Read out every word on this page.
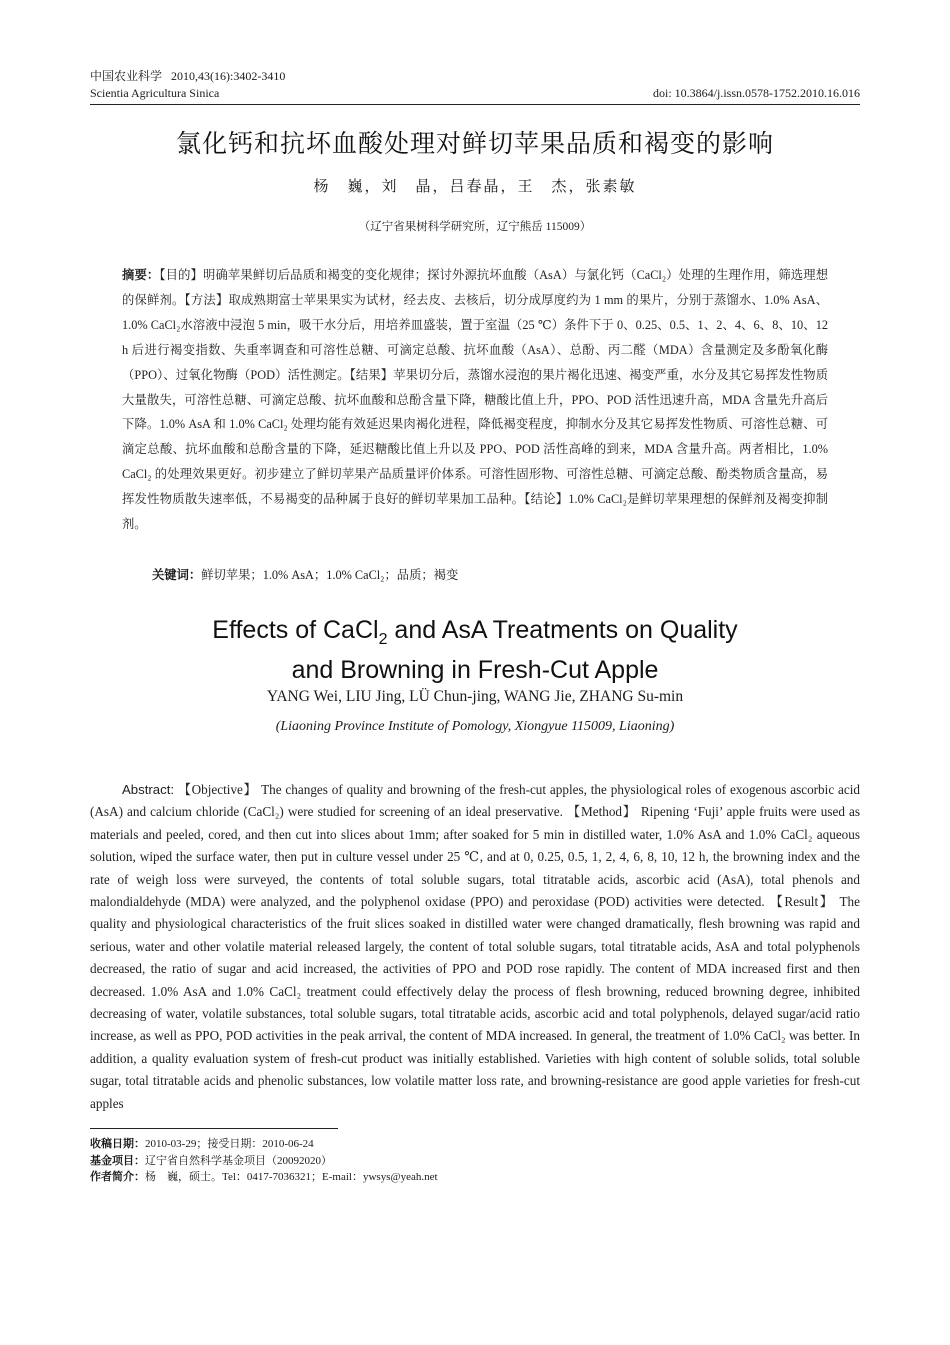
中国农业科学 2010,43(16):3402-3410
Scientia Agricultura Sinica	doi: 10.3864/j.issn.0578-1752.2010.16.016
氯化钙和抗坏血酸处理对鲜切苹果品质和褐变的影响
杨　巍，刘　晶，吕春晶，王　杰，张素敏
（辽宁省果树科学研究所，辽宁熊岳 115009）
摘要：【目的】明确苹果鲜切后品质和褐变的变化规律；探讨外源抗坏血酸（AsA）与氯化钙（CaCl₂）处理的生理作用，筛选理想的保鲜剂。【方法】取成熟期富士苹果果实为试材，经去皮、去核后，切分成厚度约为 1 mm 的果片，分别于蒸馏水、1.0% AsA、1.0% CaCl₂水溶液中浸泡 5 min，吸干水分后，用培养皿盛装，置于室温（25 ℃）条件下于 0、0.25、0.5、1、2、4、6、8、10、12 h 后进行褐变指数、失重率调查和可溶性总糖、可滴定总酸、抗坏血酸（AsA）、总酚、丙二醛（MDA）含量测定及多酚氧化酶（PPO）、过氧化物酶（POD）活性测定。【结果】苹果切分后，蒸馏水浸泡的果片褐化迅速、褐变严重，水分及其它易挥发性物质大量散失，可溶性总糖、可滴定总酸、抗坏血酸和总酚含量下降，糖酸比值上升，PPO、POD 活性迅速升高，MDA 含量先升高后下降。1.0% AsA 和 1.0% CaCl₂ 处理均能有效延迟果肉褐化进程，降低褐变程度，抑制水分及其它易挥发性物质、可溶性总糖、可滴定总酸、抗坏血酸和总酚含量的下降，延迟糖酸比值上升以及 PPO、POD 活性高峰的到来，MDA 含量升高。两者相比，1.0% CaCl₂ 的处理效果更好。初步建立了鲜切苹果产品质量评价体系。可溶性固形物、可溶性总糖、可滴定总酸、酚类物质含量高，易挥发性物质散失速率低，不易褐变的品种属于良好的鲜切苹果加工品种。【结论】1.0% CaCl₂是鲜切苹果理想的保鲜剂及褐变抑制剂。
关键词：鲜切苹果；1.0% AsA；1.0% CaCl₂；品质；褐变
Effects of CaCl$_2$ and AsA Treatments on Quality
and Browning in Fresh-Cut Apple
YANG Wei, LIU Jing, LÜ Chun-jing, WANG Jie, ZHANG Su-min
(Liaoning Province Institute of Pomology, Xiongyue 115009, Liaoning)
Abstract: 【Objective】 The changes of quality and browning of the fresh-cut apples, the physiological roles of exogenous ascorbic acid (AsA) and calcium chloride (CaCl₂) were studied for screening of an ideal preservative. 【Method】 Ripening ‘Fuji’ apple fruits were used as materials and peeled, cored, and then cut into slices about 1mm; after soaked for 5 min in distilled water, 1.0% AsA and 1.0% CaCl₂ aqueous solution, wiped the surface water, then put in culture vessel under 25 ℃, and at 0, 0.25, 0.5, 1, 2, 4, 6, 8, 10, 12 h, the browning index and the rate of weigh loss were surveyed, the contents of total soluble sugars, total titratable acids, ascorbic acid (AsA), total phenols and malondialdehyde (MDA) were analyzed, and the polyphenol oxidase (PPO) and peroxidase (POD) activities were detected. 【Result】 The quality and physiological characteristics of the fruit slices soaked in distilled water were changed dramatically, flesh browning was rapid and serious, water and other volatile material released largely, the content of total soluble sugars, total titratable acids, AsA and total polyphenols decreased, the ratio of sugar and acid increased, the activities of PPO and POD rose rapidly. The content of MDA increased first and then decreased. 1.0% AsA and 1.0% CaCl₂ treatment could effectively delay the process of flesh browning, reduced browning degree, inhibited decreasing of water, volatile substances, total soluble sugars, total titratable acids, ascorbic acid and total polyphenols, delayed sugar/acid ratio increase, as well as PPO, POD activities in the peak arrival, the content of MDA increased. In general, the treatment of 1.0% CaCl₂ was better. In addition, a quality evaluation system of fresh-cut product was initially established. Varieties with high content of soluble solids, total soluble sugar, total titratable acids and phenolic substances, low volatile matter loss rate, and browning-resistance are good apple varieties for fresh-cut apples
收稿日期：2010-03-29；接受日期：2010-06-24
基金项目：辽宁省自然科学基金项目（20092020）
作者简介：杨　巍，硕士。Tel：0417-7036321；E-mail：ywsys@yeah.net
